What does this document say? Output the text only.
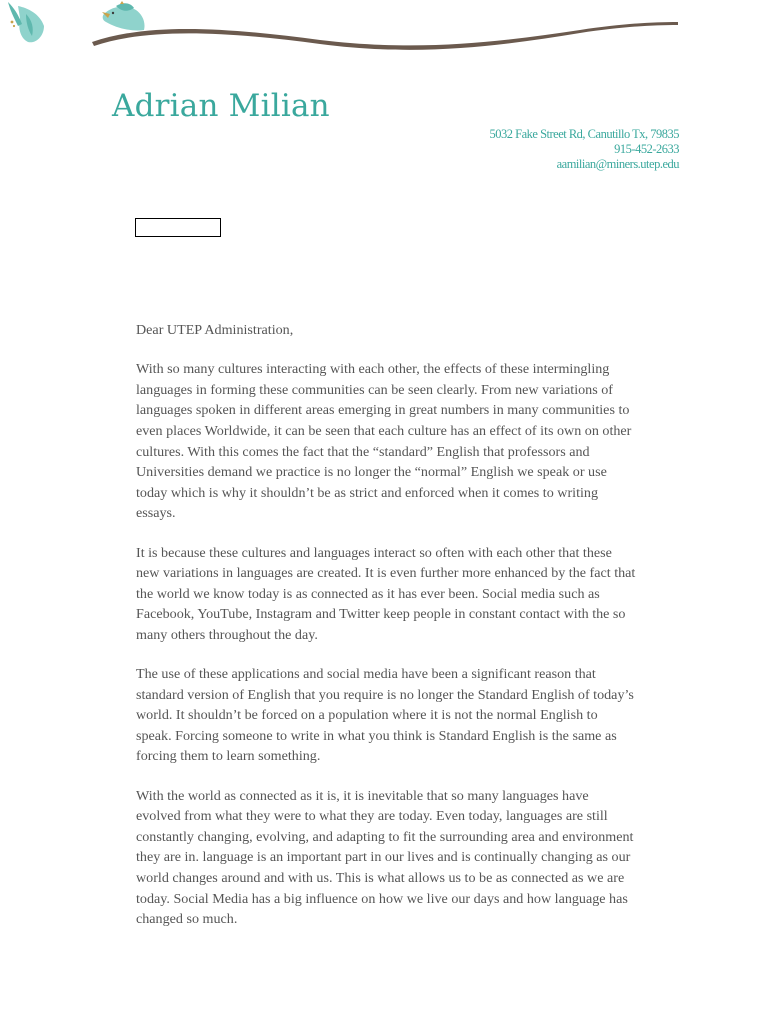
Adrian Milian
5032 Fake Street Rd, Canutillo Tx, 79835
915-452-2633
aamilian@miners.utep.edu
Dear UTEP Administration,

With so many cultures interacting with each other, the effects of these intermingling languages in forming these communities can be seen clearly. From new variations of languages spoken in different areas emerging in great numbers in many communities to even places Worldwide, it can be seen that each culture has an effect of its own on other cultures. With this comes the fact that the “standard” English that professors and Universities demand we practice is no longer the “normal” English we speak or use today which is why it shouldn’t be as strict and enforced when it comes to writing essays.

It is because these cultures and languages interact so often with each other that these new variations in languages are created. It is even further more enhanced by the fact that the world we know today is as connected as it has ever been. Social media such as Facebook, YouTube, Instagram and Twitter keep people in constant contact with the so many others throughout the day.

The use of these applications and social media have been a significant reason that standard version of English that you require is no longer the Standard English of today’s world. It shouldn’t be forced on a population where it is not the normal English to speak. Forcing someone to write in what you think is Standard English is the same as forcing them to learn something.

With the world as connected as it is, it is inevitable that so many languages have evolved from what they were to what they are today. Even today, languages are still constantly changing, evolving, and adapting to fit the surrounding area and environment they are in. language is an important part in our lives and is continually changing as our world changes around and with us. This is what allows us to be as connected as we are today. Social Media has a big influence on how we live our days and how language has changed so much.
